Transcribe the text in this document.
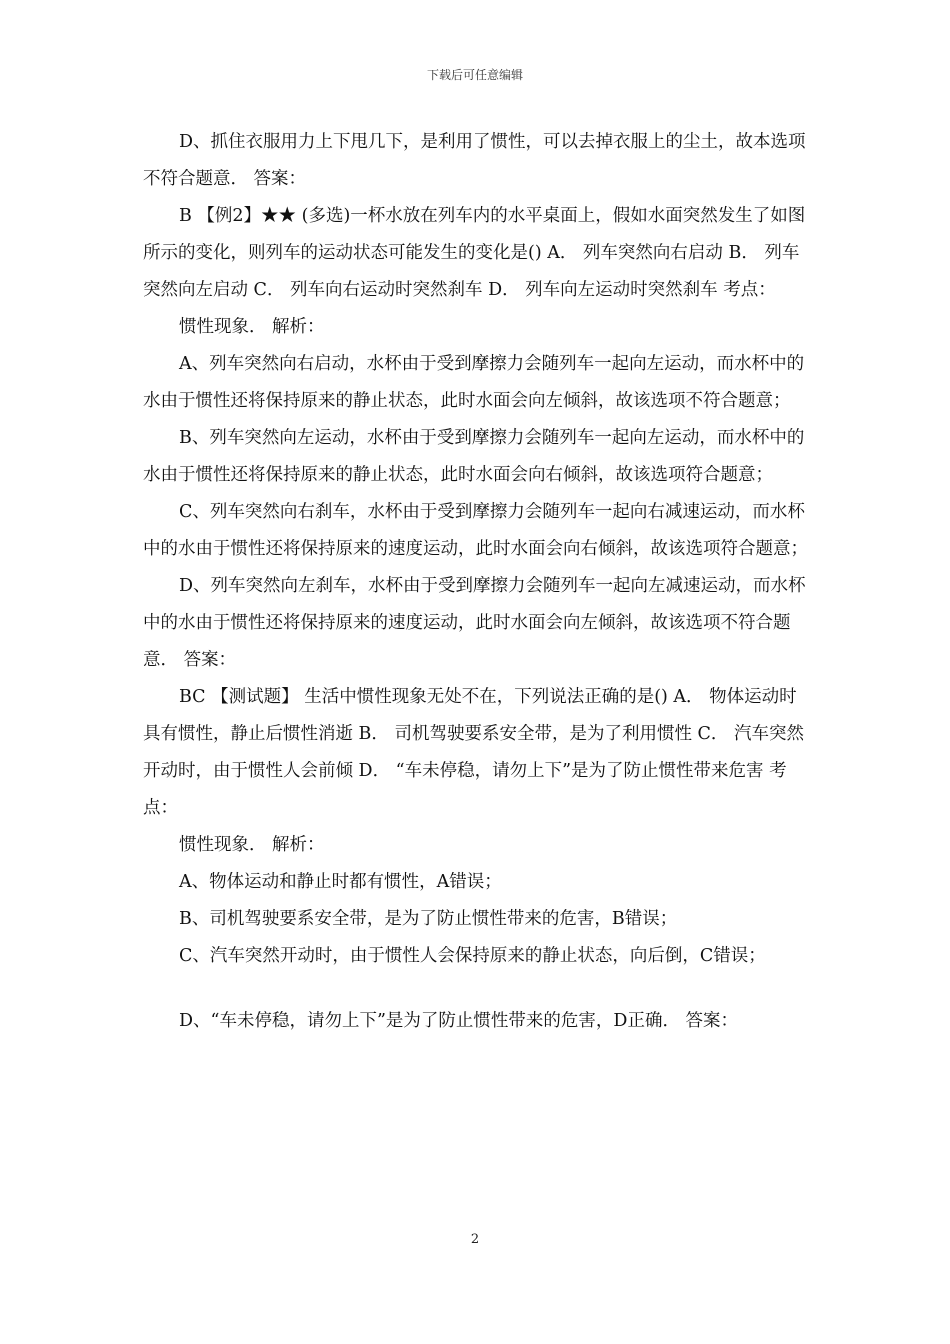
下载后可任意编辑

D、抓住衣服用力上下甩几下，是利用了惯性，可以去掉衣服上的尘土，故本选项不符合题意． 答案：

B 【例2】★★ (多选)一杯水放在列车内的水平桌面上，假如水面突然发生了如图所示的变化，则列车的运动状态可能发生的变化是() A． 列车突然向右启动 B． 列车突然向左启动 C． 列车向右运动时突然刹车 D． 列车向左运动时突然刹车 考点：

惯性现象． 解析：

A、列车突然向右启动，水杯由于受到摩擦力会随列车一起向左运动，而水杯中的水由于惯性还将保持原来的静止状态，此时水面会向左倾斜，故该选项不符合题意；

B、列车突然向左运动，水杯由于受到摩擦力会随列车一起向左运动，而水杯中的水由于惯性还将保持原来的静止状态，此时水面会向右倾斜，故该选项符合题意；

C、列车突然向右刹车，水杯由于受到摩擦力会随列车一起向右减速运动，而水杯中的水由于惯性还将保持原来的速度运动，此时水面会向右倾斜，故该选项符合题意；

D、列车突然向左刹车，水杯由于受到摩擦力会随列车一起向左减速运动，而水杯中的水由于惯性还将保持原来的速度运动，此时水面会向左倾斜，故该选项不符合题意． 答案：

BC 【测试题】 生活中惯性现象无处不在，下列说法正确的是() A． 物体运动时具有惯性，静止后惯性消逝 B． 司机驾驶要系安全带，是为了利用惯性 C． 汽车突然开动时，由于惯性人会前倾 D． “车未停稳，请勿上下”是为了防止惯性带来危害 考点：

惯性现象． 解析：

A、物体运动和静止时都有惯性，A错误；

B、司机驾驶要系安全带，是为了防止惯性带来的危害，B错误；

C、汽车突然开动时，由于惯性人会保持原来的静止状态，向后倒，C错误；

D、“车未停稳，请勿上下”是为了防止惯性带来的危害，D正确． 答案：

2
